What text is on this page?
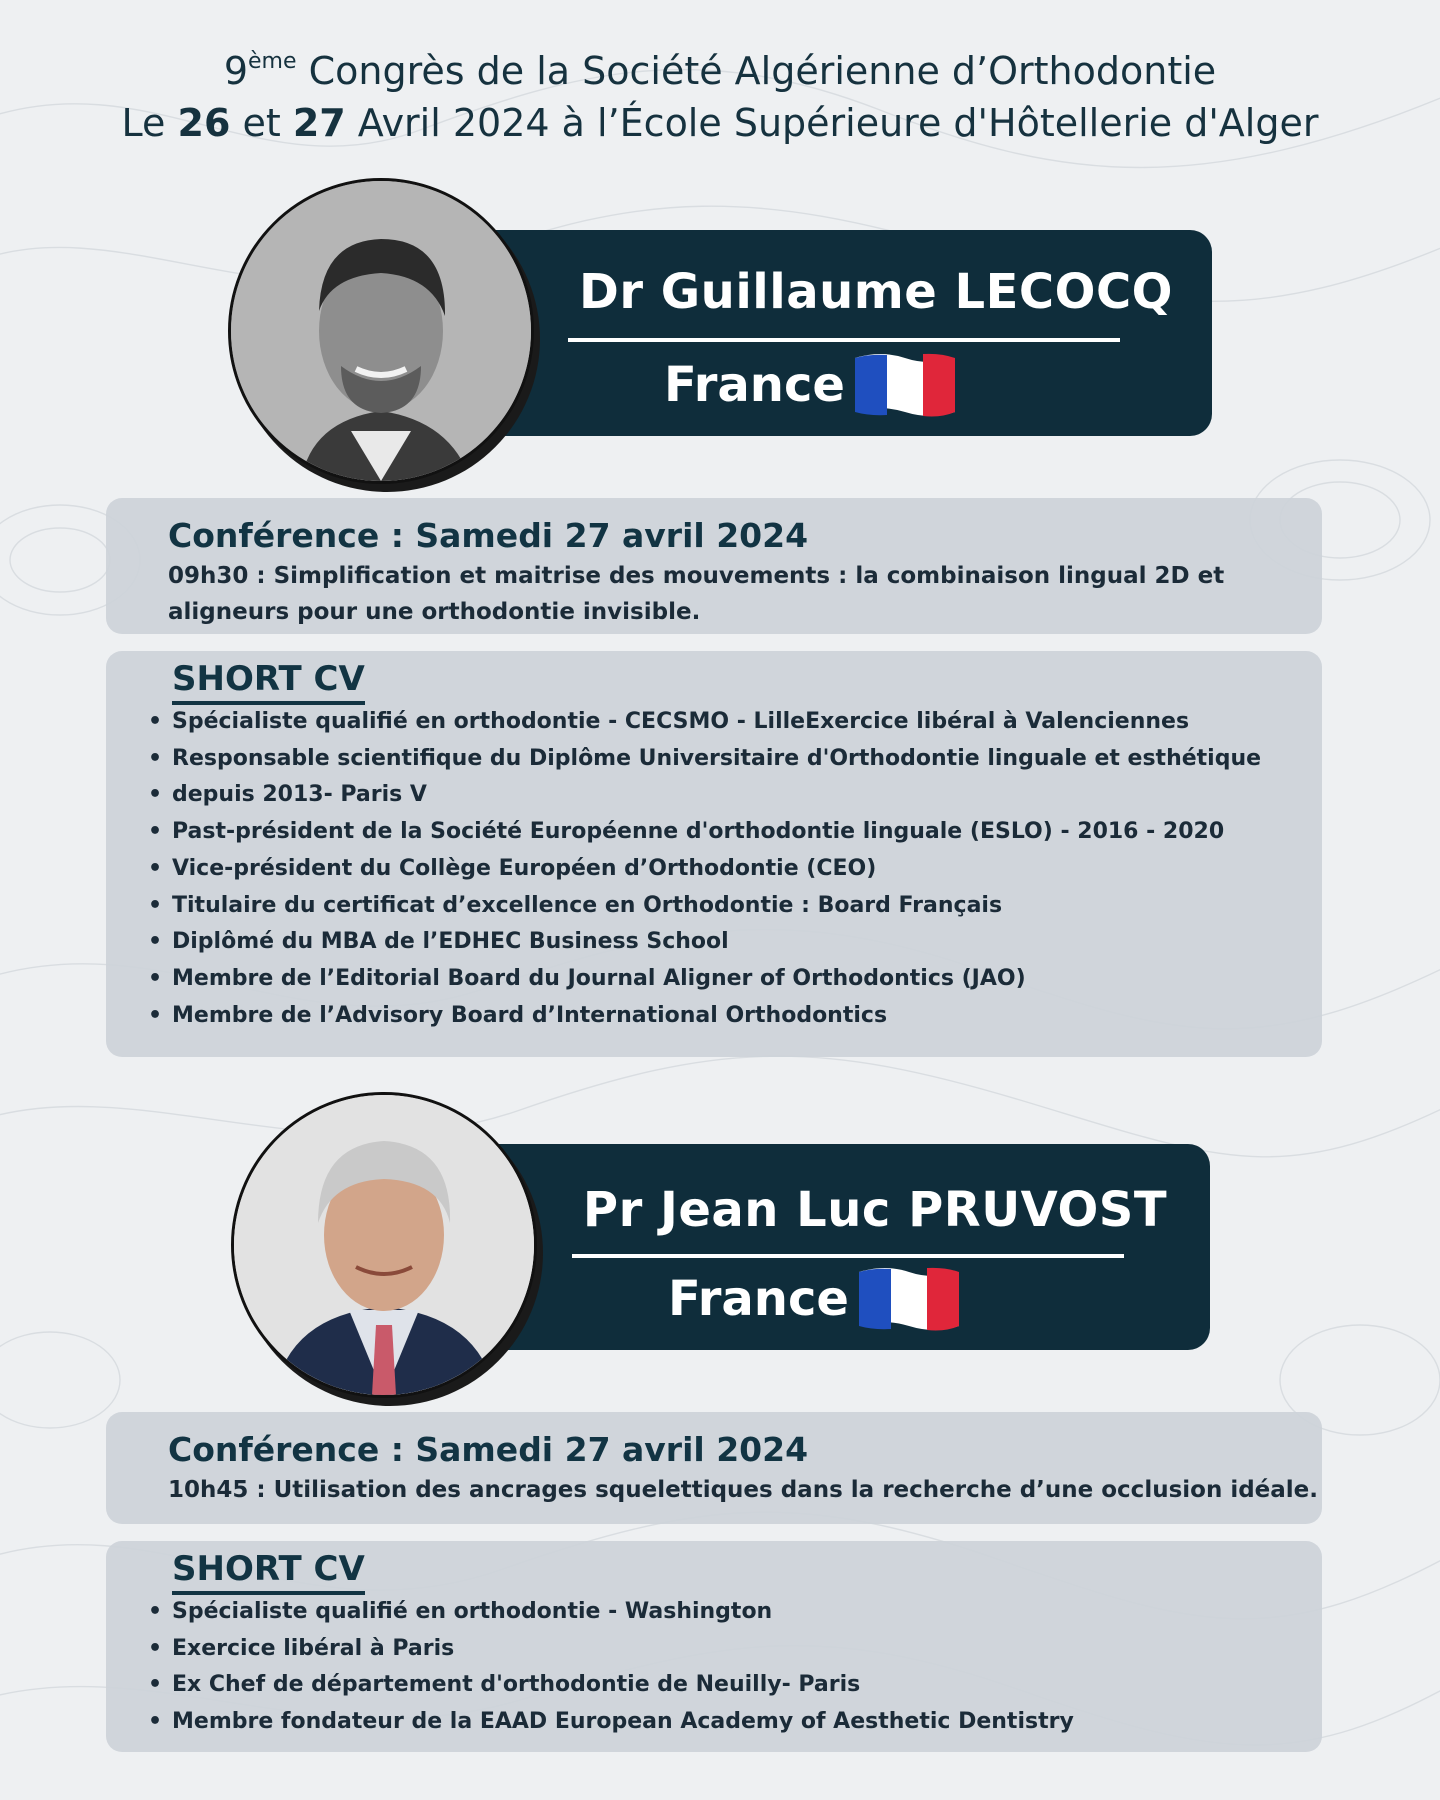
9ème Congrès de la Société Algérienne d’Orthodontie
Le 26 et 27 Avril 2024 à l’École Supérieure d'Hôtellerie d'Alger
Dr Guillaume LECOCQ
France
Conférence : Samedi 27 avril 2024
09h30 : Simplification et maitrise des mouvements : la combinaison lingual 2D et aligneurs pour une orthodontie invisible.
SHORT CV
• Spécialiste qualifié en orthodontie - CECSMO - LilleExercice libéral à Valenciennes
• Responsable scientifique du Diplôme Universitaire d'Orthodontie linguale et esthétique
• depuis 2013- Paris V
• Past-président de la Société Européenne d'orthodontie linguale (ESLO) - 2016 - 2020
• Vice-président du Collège Européen d’Orthodontie (CEO)
• Titulaire du certificat d’excellence en Orthodontie : Board Français
• Diplômé du MBA de l’EDHEC Business School
• Membre de l’Editorial Board du Journal Aligner of Orthodontics (JAO)
• Membre de l’Advisory Board d’International Orthodontics
Pr Jean Luc PRUVOST
France
Conférence : Samedi 27 avril 2024
10h45 : Utilisation des ancrages squelettiques dans la recherche d’une occlusion idéale.
SHORT CV
• Spécialiste qualifié en orthodontie - Washington
• Exercice libéral à Paris
• Ex Chef de département d'orthodontie de Neuilly- Paris
• Membre fondateur de la EAAD European Academy of Aesthetic Dentistry
